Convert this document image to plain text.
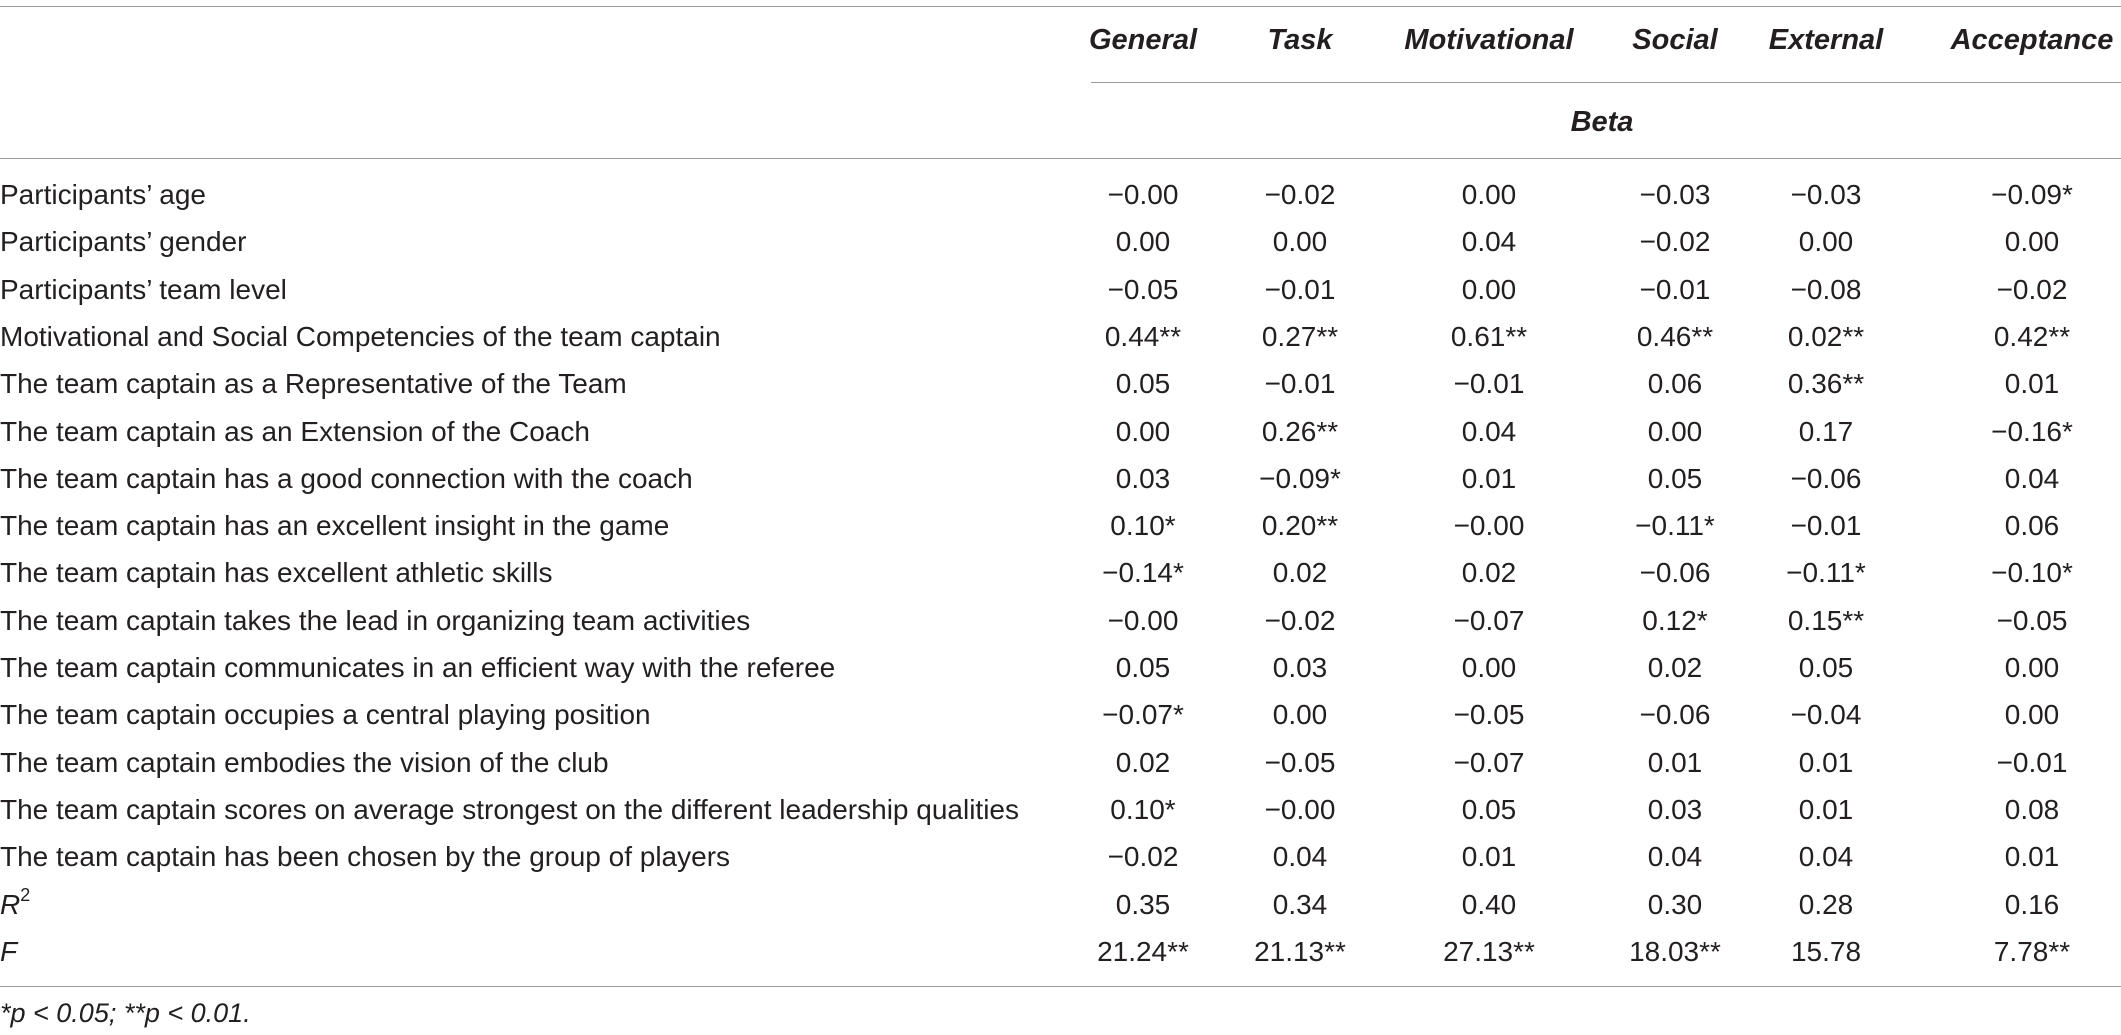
General Task Motivational Social External Acceptance
Beta
Participants’ age	−0.00	−0.02	0.00	−0.03	−0.03	−0.09*
Participants’ gender	0.00	0.00	0.04	−0.02	0.00	0.00
Participants’ team level	−0.05	−0.01	0.00	−0.01	−0.08	−0.02
Motivational and Social Competencies of the team captain	0.44**	0.27**	0.61**	0.46**	0.02**	0.42**
The team captain as a Representative of the Team	0.05	−0.01	−0.01	0.06	0.36**	0.01
The team captain as an Extension of the Coach	0.00	0.26**	0.04	0.00	0.17	−0.16*
The team captain has a good connection with the coach	0.03	−0.09*	0.01	0.05	−0.06	0.04
The team captain has an excellent insight in the game	0.10*	0.20**	−0.00	−0.11*	−0.01	0.06
The team captain has excellent athletic skills	−0.14*	0.02	0.02	−0.06	−0.11*	−0.10*
The team captain takes the lead in organizing team activities	−0.00	−0.02	−0.07	0.12*	0.15**	−0.05
The team captain communicates in an efficient way with the referee	0.05	0.03	0.00	0.02	0.05	0.00
The team captain occupies a central playing position	−0.07*	0.00	−0.05	−0.06	−0.04	0.00
The team captain embodies the vision of the club	0.02	−0.05	−0.07	0.01	0.01	−0.01
The team captain scores on average strongest on the different leadership qualities	0.10*	−0.00	0.05	0.03	0.01	0.08
The team captain has been chosen by the group of players	−0.02	0.04	0.01	0.04	0.04	0.01
$R^2$	0.35	0.34	0.40	0.30	0.28	0.16
F	21.24** 21.13**	27.13**	18.03**	15.78	7.78**
*p < 0.05; **p < 0.01.
